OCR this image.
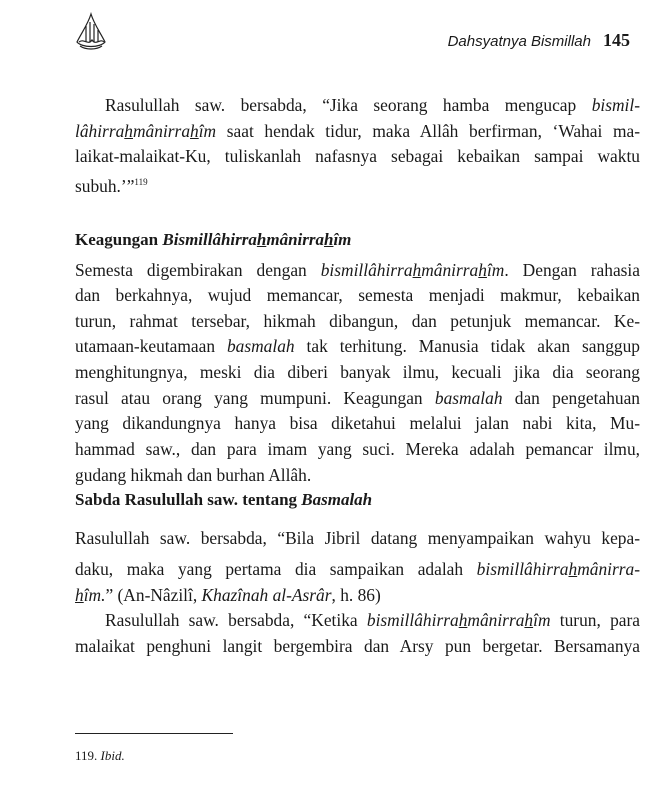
Dahsyatnya Bismillah 145
Rasulullah saw. bersabda, “Jika seorang hamba mengucap bismil-
lâhirrahmânirrahîm saat hendak tidur, maka Allâh berfirman, ‘Wahai ma-
laikat-malaikat-Ku, tuliskanlah nafasnya sebagai kebaikan sampai waktu
subuh.’”$^{119}$
Keagungan Bismillâhirrahmânirrahîm
Semesta digembirakan dengan bismillâhirrahmânirrahîm. Dengan rahasia
dan berkahnya, wujud memancar, semesta menjadi makmur, kebaikan
turun, rahmat tersebar, hikmah dibangun, dan petunjuk memancar. Ke-
utamaan-keutamaan basmalah tak terhitung. Manusia tidak akan sanggup
menghitungnya, meski dia diberi banyak ilmu, kecuali jika dia seorang
rasul atau orang yang mumpuni. Keagungan basmalah dan pengetahuan
yang dikandungnya hanya bisa diketahui melalui jalan nabi kita, Mu-
hammad saw., dan para imam yang suci. Mereka adalah pemancar ilmu,
gudang hikmah dan burhan Allâh.
Sabda Rasulullah saw. tentang Basmalah
Rasulullah saw. bersabda, “Bila Jibril datang menyampaikan wahyu kepa-
daku, maka yang pertama dia sampaikan adalah bismillâhirrahmânirra-
hîm.” (An-Nâzilî, Khazînah al-Asrâr, h. 86)
Rasulullah saw. bersabda, “Ketika bismillâhirrahmânirrahîm turun, para
malaikat penghuni langit bergembira dan Arsy pun bergetar. Bersamanya
119. Ibid.
